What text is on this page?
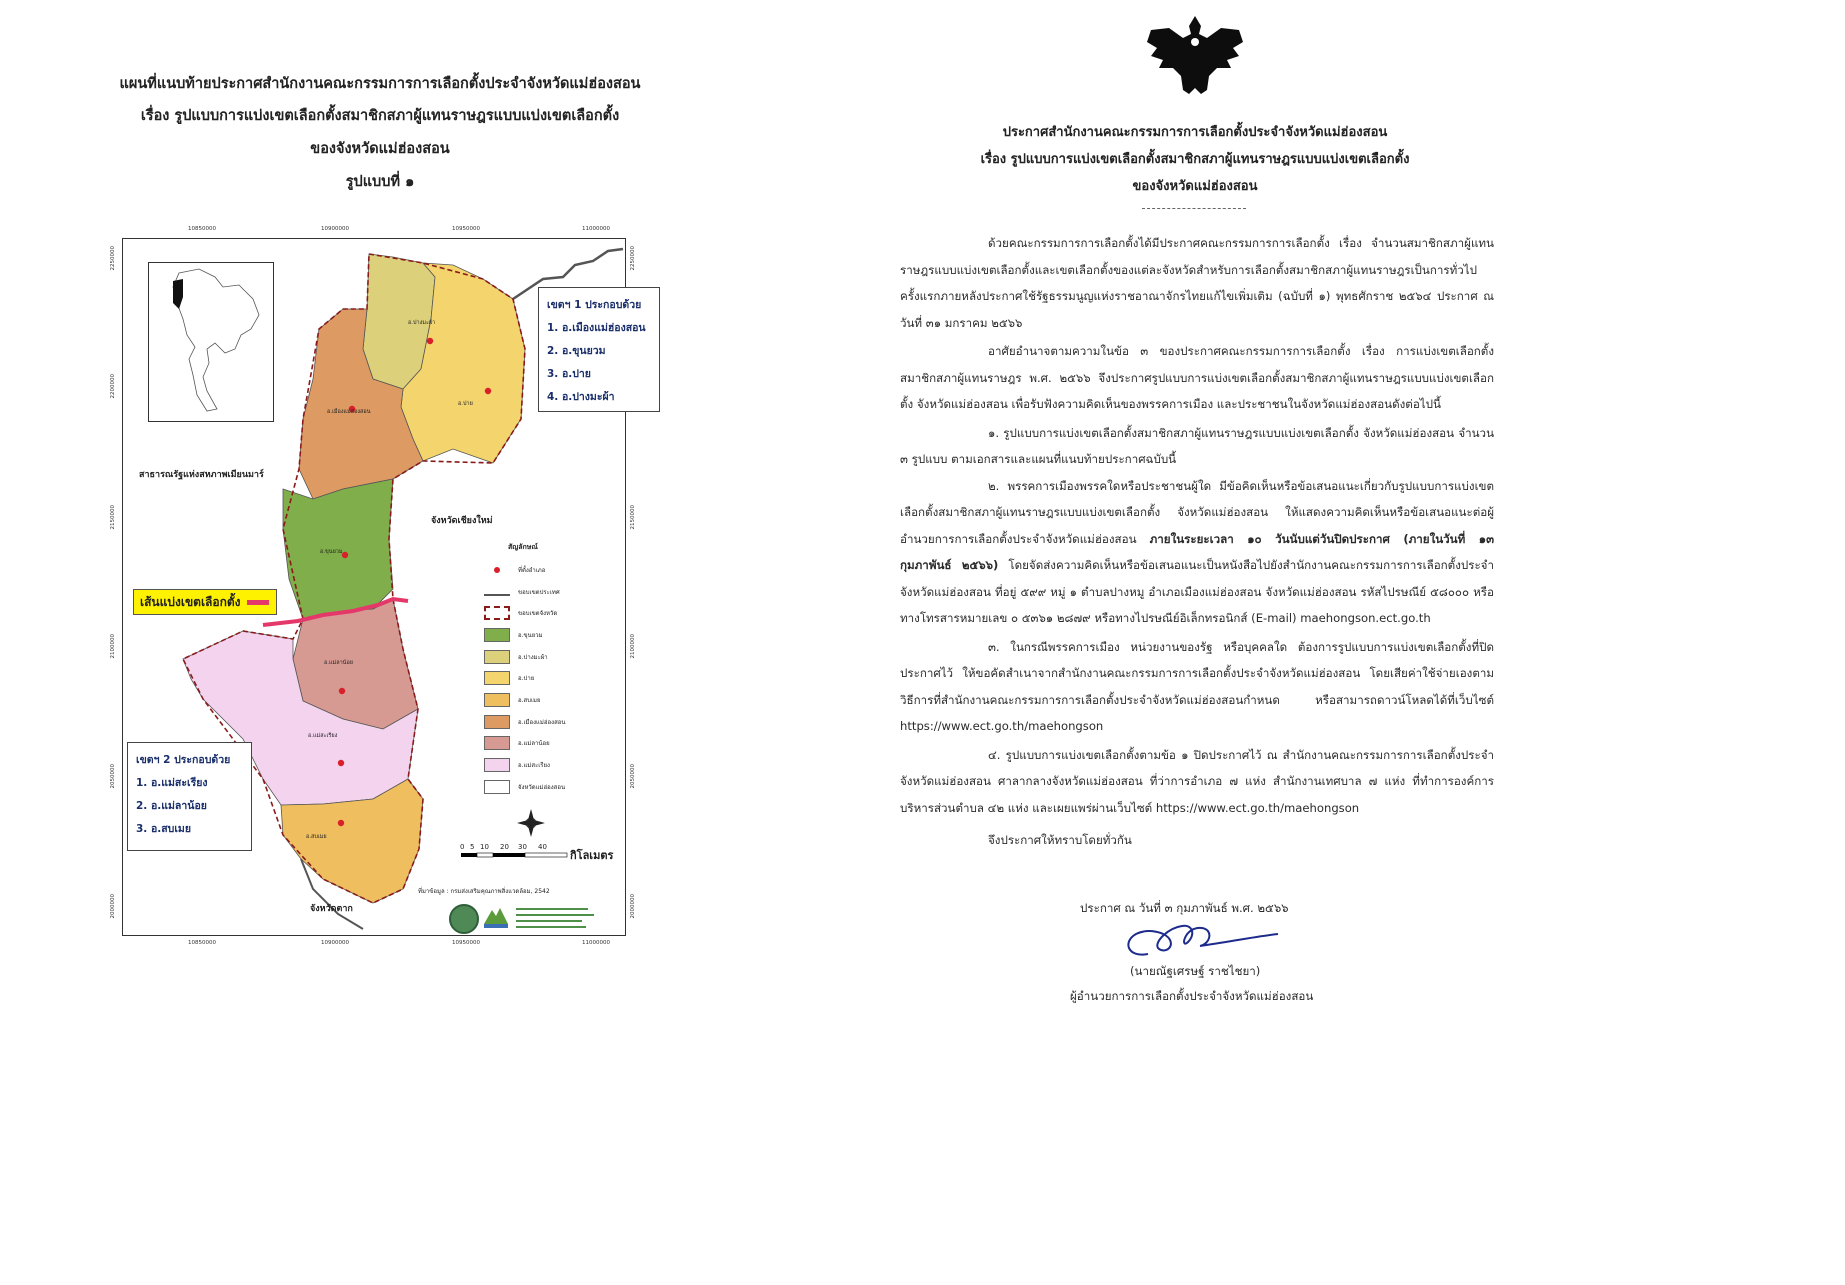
แผนที่แนบท้ายประกาศสำนักงานคณะกรรมการการเลือกตั้งประจำจังหวัดแม่ฮ่องสอน
เรื่อง รูปแบบการแบ่งเขตเลือกตั้งสมาชิกสภาผู้แทนราษฎรแบบแบ่งเขตเลือกตั้ง
ของจังหวัดแม่ฮ่องสอน
รูปแบบที่ ๑
10850000	10900000	10950000	11000000
10850000	10900000	10950000	11000000
2250000
2200000
2150000
2100000
2050000
2000000
2250000
2150000
2100000
2050000
2000000
เขตฯ 1 ประกอบด้วย
1. อ.เมืองแม่ฮ่องสอน
2. อ.ขุนยวม
3. อ.ปาย
4. อ.ปางมะผ้า
เขตฯ 2 ประกอบด้วย
1. อ.แม่สะเรียง
2. อ.แม่ลาน้อย
3. อ.สบเมย
สาธารณรัฐแห่งสหภาพเมียนมาร์
จังหวัดเชียงใหม่
จังหวัดตาก
อ.ปางมะผ้า
อ.เมืองแม่ฮ่องสอน
อ.ปาย
อ.ขุนยวม
อ.แม่ลาน้อย
อ.แม่สะเรียง
อ.สบเมย
เส้นแบ่งเขตเลือกตั้ง
สัญลักษณ์
ที่ตั้งอำเภอ
ขอบเขตประเทศ
ขอบเขตจังหวัด
อ.ขุนยวม
อ.ปางมะผ้า
อ.ปาย
อ.สบเมย
อ.เมืองแม่ฮ่องสอน
อ.แม่ลาน้อย
อ.แม่สะเรียง
จังหวัดแม่ฮ่องสอน
0 5 10 20 30 40
กิโลเมตร
ที่มาข้อมูล : กรมส่งเสริมคุณภาพสิ่งแวดล้อม, 2542
ประกาศสำนักงานคณะกรรมการการเลือกตั้งประจำจังหวัดแม่ฮ่องสอน
เรื่อง รูปแบบการแบ่งเขตเลือกตั้งสมาชิกสภาผู้แทนราษฎรแบบแบ่งเขตเลือกตั้ง
ของจังหวัดแม่ฮ่องสอน

ด้วยคณะกรรมการการเลือกตั้งได้มีประกาศคณะกรรมการการเลือกตั้ง เรื่อง จำนวนสมาชิกสภาผู้แทนราษฎรแบบแบ่งเขตเลือกตั้งและเขตเลือกตั้งของแต่ละจังหวัดสำหรับการเลือกตั้งสมาชิกสภาผู้แทนราษฎรเป็นการทั่วไปครั้งแรกภายหลังประกาศใช้รัฐธรรมนูญแห่งราชอาณาจักรไทยแก้ไขเพิ่มเติม (ฉบับที่ ๑) พุทธศักราช ๒๕๖๔ ประกาศ ณ วันที่ ๓๑ มกราคม ๒๕๖๖

อาศัยอำนาจตามความในข้อ ๓ ของประกาศคณะกรรมการการเลือกตั้ง เรื่อง การแบ่งเขตเลือกตั้งสมาชิกสภาผู้แทนราษฎร พ.ศ. ๒๕๖๖ จึงประกาศรูปแบบการแบ่งเขตเลือกตั้งสมาชิกสภาผู้แทนราษฎรแบบแบ่งเขตเลือกตั้ง จังหวัดแม่ฮ่องสอน เพื่อรับฟังความคิดเห็นของพรรคการเมือง และประชาชนในจังหวัดแม่ฮ่องสอนดังต่อไปนี้

๑. รูปแบบการแบ่งเขตเลือกตั้งสมาชิกสภาผู้แทนราษฎรแบบแบ่งเขตเลือกตั้ง จังหวัดแม่ฮ่องสอน จำนวน ๓ รูปแบบ ตามเอกสารและแผนที่แนบท้ายประกาศฉบับนี้

๒. พรรคการเมืองพรรคใดหรือประชาชนผู้ใด มีข้อคิดเห็นหรือข้อเสนอแนะเกี่ยวกับรูปแบบการแบ่งเขตเลือกตั้งสมาชิกสภาผู้แทนราษฎรแบบแบ่งเขตเลือกตั้ง จังหวัดแม่ฮ่องสอน ให้แสดงความคิดเห็นหรือข้อเสนอแนะต่อผู้อำนวยการการเลือกตั้งประจำจังหวัดแม่ฮ่องสอน ภายในระยะเวลา ๑๐ วันนับแต่วันปิดประกาศ (ภายในวันที่ ๑๓ กุมภาพันธ์ ๒๕๖๖) โดยจัดส่งความคิดเห็นหรือข้อเสนอแนะเป็นหนังสือไปยังสำนักงานคณะกรรมการการเลือกตั้งประจำจังหวัดแม่ฮ่องสอน ที่อยู่ ๕๙๙ หมู่ ๑ ตำบลปางหมู อำเภอเมืองแม่ฮ่องสอน จังหวัดแม่ฮ่องสอน รหัสไปรษณีย์ ๕๘๐๐๐ หรือทางโทรสารหมายเลข ๐ ๕๓๖๑ ๒๘๗๙ หรือทางไปรษณีย์อิเล็กทรอนิกส์ (E-mail) maehongson.ect.go.th

๓. ในกรณีพรรคการเมือง หน่วยงานของรัฐ หรือบุคคลใด ต้องการรูปแบบการแบ่งเขตเลือกตั้งที่ปิดประกาศไว้ ให้ขอคัดสำเนาจากสำนักงานคณะกรรมการการเลือกตั้งประจำจังหวัดแม่ฮ่องสอน โดยเสียค่าใช้จ่ายเองตามวิธีการที่สำนักงานคณะกรรมการการเลือกตั้งประจำจังหวัดแม่ฮ่องสอนกำหนด หรือสามารถดาวน์โหลดได้ที่เว็บไซต์ https://www.ect.go.th/maehongson

๔. รูปแบบการแบ่งเขตเลือกตั้งตามข้อ ๑ ปิดประกาศไว้ ณ สำนักงานคณะกรรมการการเลือกตั้งประจำจังหวัดแม่ฮ่องสอน ศาลากลางจังหวัดแม่ฮ่องสอน ที่ว่าการอำเภอ ๗ แห่ง สำนักงานเทศบาล ๗ แห่ง ที่ทำการองค์การบริหารส่วนตำบล ๔๒ แห่ง และเผยแพร่ผ่านเว็บไซต์ https://www.ect.go.th/maehongson

จึงประกาศให้ทราบโดยทั่วกัน

ประกาศ ณ วันที่ ๓ กุมภาพันธ์ พ.ศ. ๒๕๖๖
(นายณัฐเศรษฐ์ ราชไชยา)
ผู้อำนวยการการเลือกตั้งประจำจังหวัดแม่ฮ่องสอน
